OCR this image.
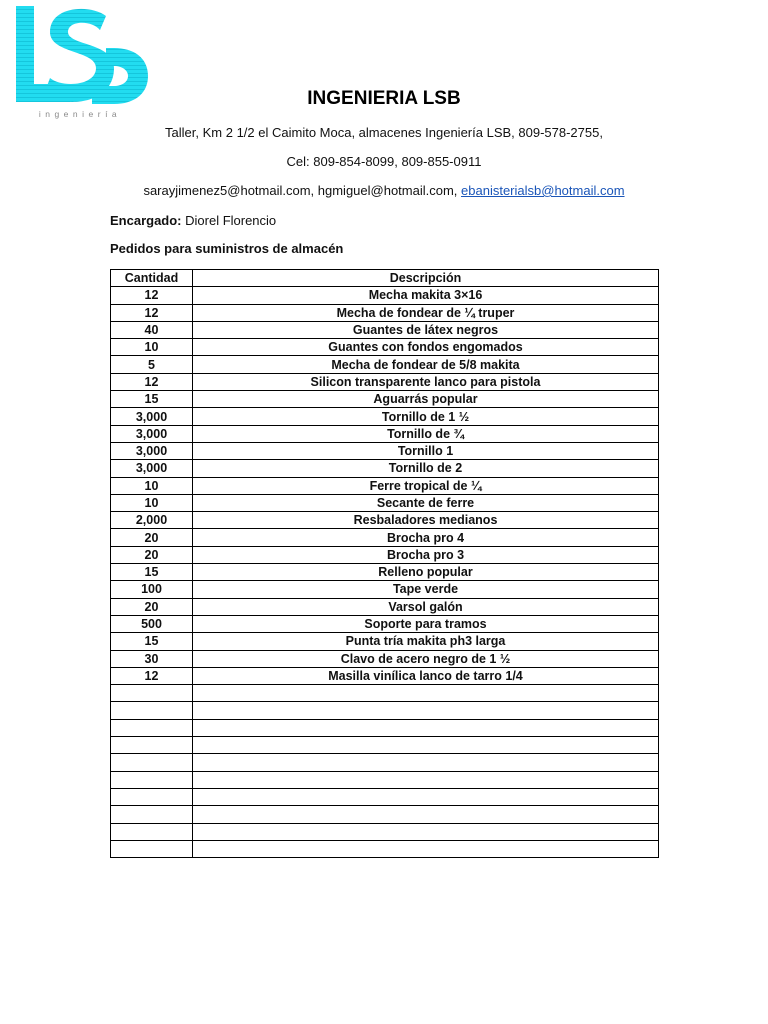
ingeniería
INGENIERIA LSB
Taller, Km 2 1/2 el Caimito Moca, almacenes Ingeniería LSB, 809-578-2755,
Cel: 809-854-8099, 809-855-0911
sarayjimenez5@hotmail.com, hgmiguel@hotmail.com, ebanisterialsb@hotmail.com
Encargado: Diorel Florencio
Pedidos para suministros de almacén
Cantidad	Descripción
12	Mecha makita 3×16
12	Mecha de fondear de ¼ truper
40	Guantes de látex negros
10	Guantes con fondos engomados
5	Mecha de fondear de 5/8 makita
12	Silicon transparente lanco para pistola
15	Aguarrás popular
3,000	Tornillo de 1 ½
3,000	Tornillo de ¾
3,000	Tornillo 1
3,000	Tornillo de 2
10	Ferre tropical de ¼
10	Secante de ferre
2,000	Resbaladores medianos
20	Brocha pro 4
20	Brocha pro 3
15	Relleno popular
100	Tape verde
20	Varsol galón
500	Soporte para tramos
15	Punta tría makita ph3 larga
30	Clavo de acero negro de 1 ½
12	Masilla vinílica lanco de tarro 1/4
